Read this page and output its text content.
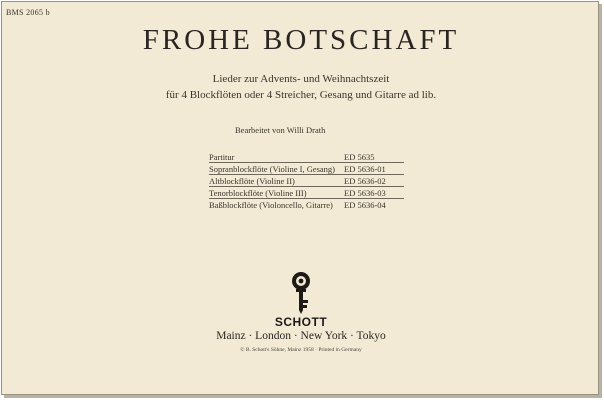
BMS 2065 b
FROHE BOTSCHAFT
Lieder zur Advents- und Weihnachtszeit
für 4 Blockflöten oder 4 Streicher, Gesang und Gitarre ad lib.
Bearbeitet von Willi Drath
Partitur	ED 5635
Sopranblockflöte (Violine I, Gesang) ED 5636-01
Altblockflöte (Violine II)	ED 5636-02
Tenorblockflöte (Violine III)	ED 5636-03
Baßblockflöte (Violoncello, Gitarre) ED 5636-04
SCHOTT
Mainz · London · New York · Tokyo
© B. Schott's Söhne, Mainz 1958 · Printed in Germany
